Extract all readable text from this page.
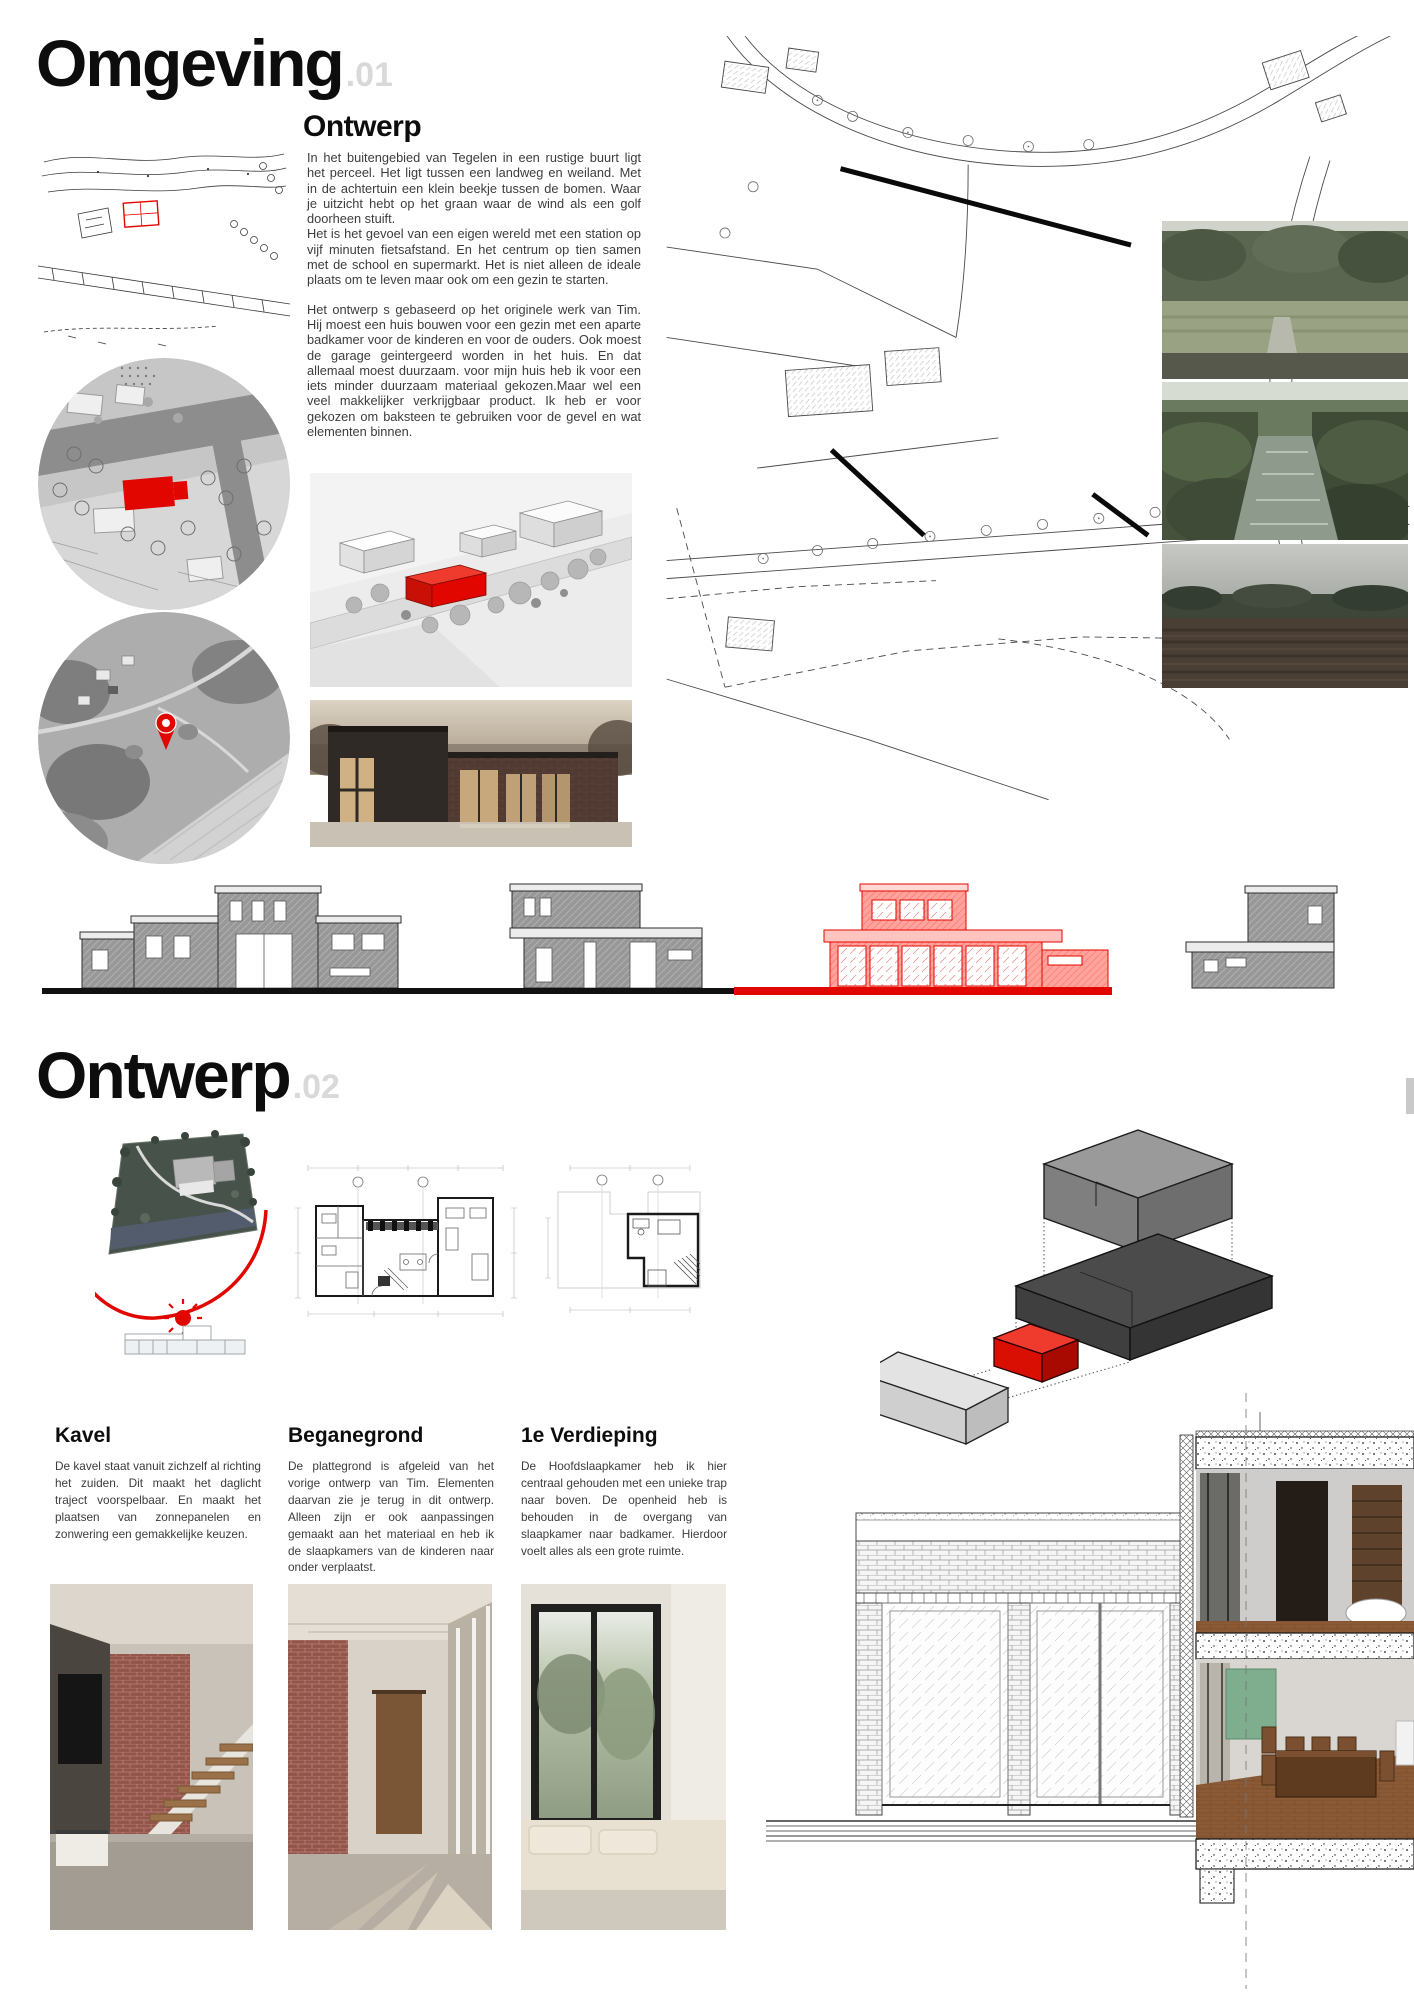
Omgeving.01
Ontwerp

In het buitengebied van Tegelen in een rustige buurt ligt het perceel. Het ligt tussen een landweg en weiland. Met in de achtertuin een klein beekje tussen de bomen. Waar je uitzicht hebt op het graan waar de wind als een golf doorheen stuift.

Het is het gevoel van een eigen wereld met een station op vijf minuten fietsafstand. En het centrum op tien samen met de school en supermarkt. Het is niet alleen de ideale plaats om te leven maar ook om een gezin te starten.

Het ontwerp s gebaseerd op het originele werk van Tim. Hij moest een huis bouwen voor een gezin met een aparte badkamer voor de kinderen en voor de ouders. Ook moest de garage geintergeerd worden in het huis. En dat allemaal moest duurzaam. voor mijn huis heb ik voor een iets minder duurzaam materiaal gekozen.Maar wel een veel makkelijker verkrijgbaar product. Ik heb er voor gekozen om baksteen te gebruiken voor de gevel en wat elementen binnen.

Ontwerp.02
Kavel
De kavel staat vanuit zichzelf al richting het zuiden. Dit maakt het daglicht traject voorspelbaar. En maakt het plaatsen van zonnepanelen en zonwering een gemakkelijke keuzen.
Beganegrond
De plattegrond is afgeleid van het vorige ontwerp van Tim. Elementen daarvan zie je terug in dit ontwerp. Alleen zijn er ook aanpassingen gemaakt aan het materiaal en heb ik de slaapkamers van de kinderen naar onder verplaatst.
1e Verdieping
De Hoofdslaapkamer heb ik hier centraal gehouden met een unieke trap naar boven. De openheid heb is behouden in de overgang van slaapkamer naar badkamer. Hierdoor voelt alles als een grote ruimte.
